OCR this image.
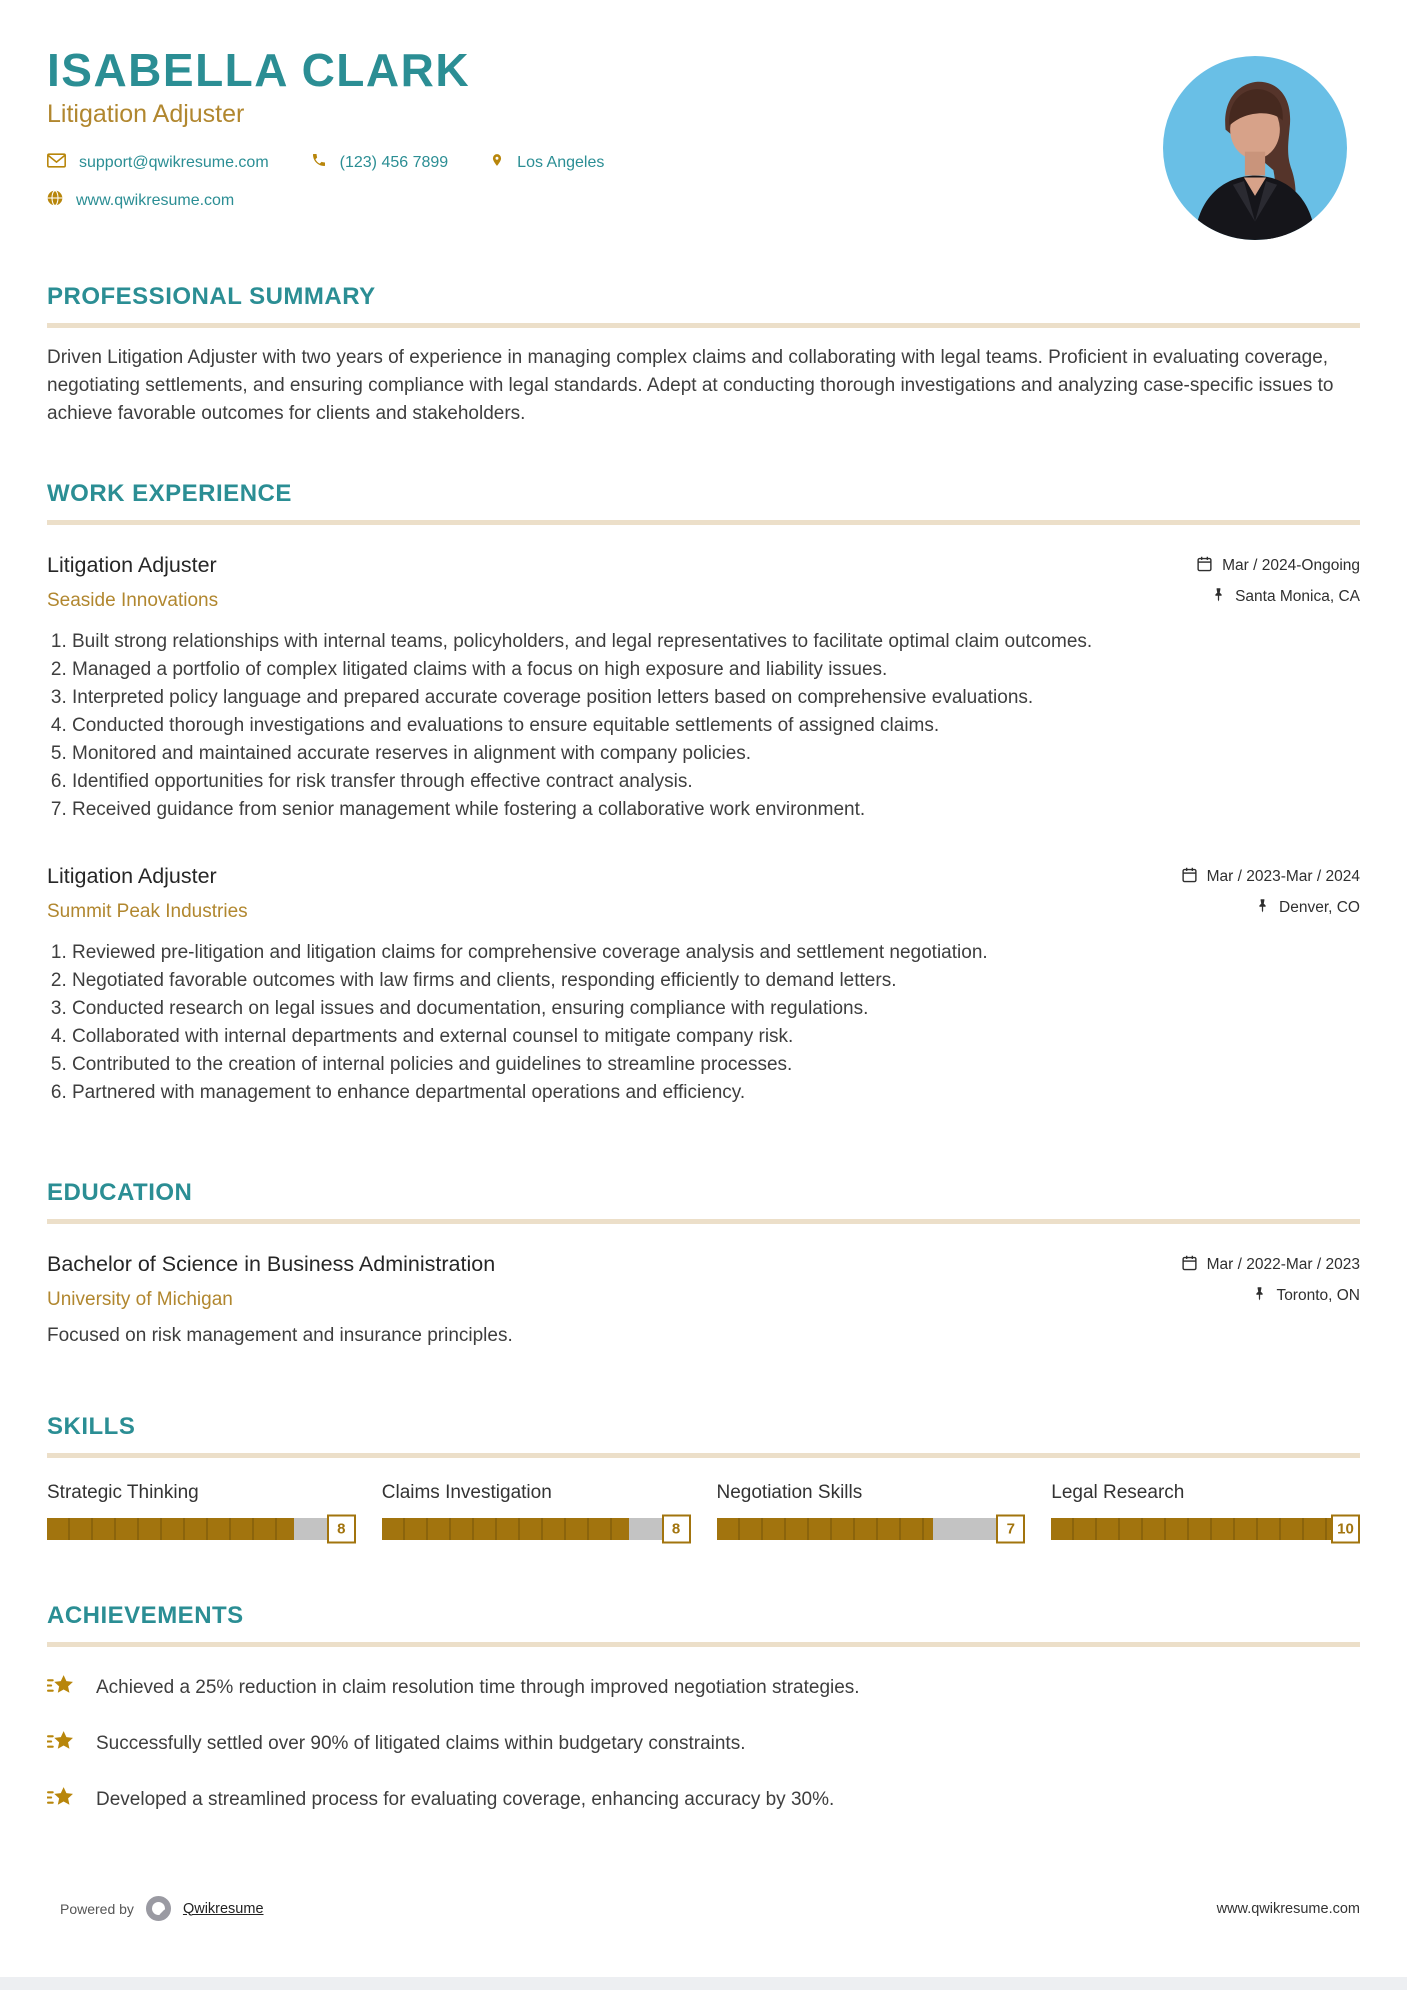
ISABELLA CLARK
Litigation Adjuster
support@qwikresume.com	(123) 456 7899	Los Angeles
www.qwikresume.com
PROFESSIONAL SUMMARY

Driven Litigation Adjuster with two years of experience in managing complex claims and collaborating with legal teams. Proficient in evaluating coverage, negotiating settlements, and ensuring compliance with legal standards. Adept at conducting thorough investigations and analyzing case-specific issues to achieve favorable outcomes for clients and stakeholders.

WORK EXPERIENCE
Litigation Adjuster
Seaside Innovations
Mar / 2024-Ongoing
Santa Monica, CA
1. Built strong relationships with internal teams, policyholders, and legal representatives to facilitate optimal claim outcomes.
2. Managed a portfolio of complex litigated claims with a focus on high exposure and liability issues.
3. Interpreted policy language and prepared accurate coverage position letters based on comprehensive evaluations.
4. Conducted thorough investigations and evaluations to ensure equitable settlements of assigned claims.
5. Monitored and maintained accurate reserves in alignment with company policies.
6. Identified opportunities for risk transfer through effective contract analysis.
7. Received guidance from senior management while fostering a collaborative work environment.
Litigation Adjuster
Summit Peak Industries
Mar / 2023-Mar / 2024
Denver, CO
1. Reviewed pre-litigation and litigation claims for comprehensive coverage analysis and settlement negotiation.
2. Negotiated favorable outcomes with law firms and clients, responding efficiently to demand letters.
3. Conducted research on legal issues and documentation, ensuring compliance with regulations.
4. Collaborated with internal departments and external counsel to mitigate company risk.
5. Contributed to the creation of internal policies and guidelines to streamline processes.
6. Partnered with management to enhance departmental operations and efficiency.
EDUCATION
Bachelor of Science in Business Administration
University of Michigan
Mar / 2022-Mar / 2023
Toronto, ON
Focused on risk management and insurance principles.
SKILLS
Strategic Thinking
8
Claims Investigation
8
Negotiation Skills
7
Legal Research
10
ACHIEVEMENTS
Achieved a 25% reduction in claim resolution time through improved negotiation strategies.
Successfully settled over 90% of litigated claims within budgetary constraints.
Developed a streamlined process for evaluating coverage, enhancing accuracy by 30%.
Powered by	Qwikresume	www.qwikresume.com
